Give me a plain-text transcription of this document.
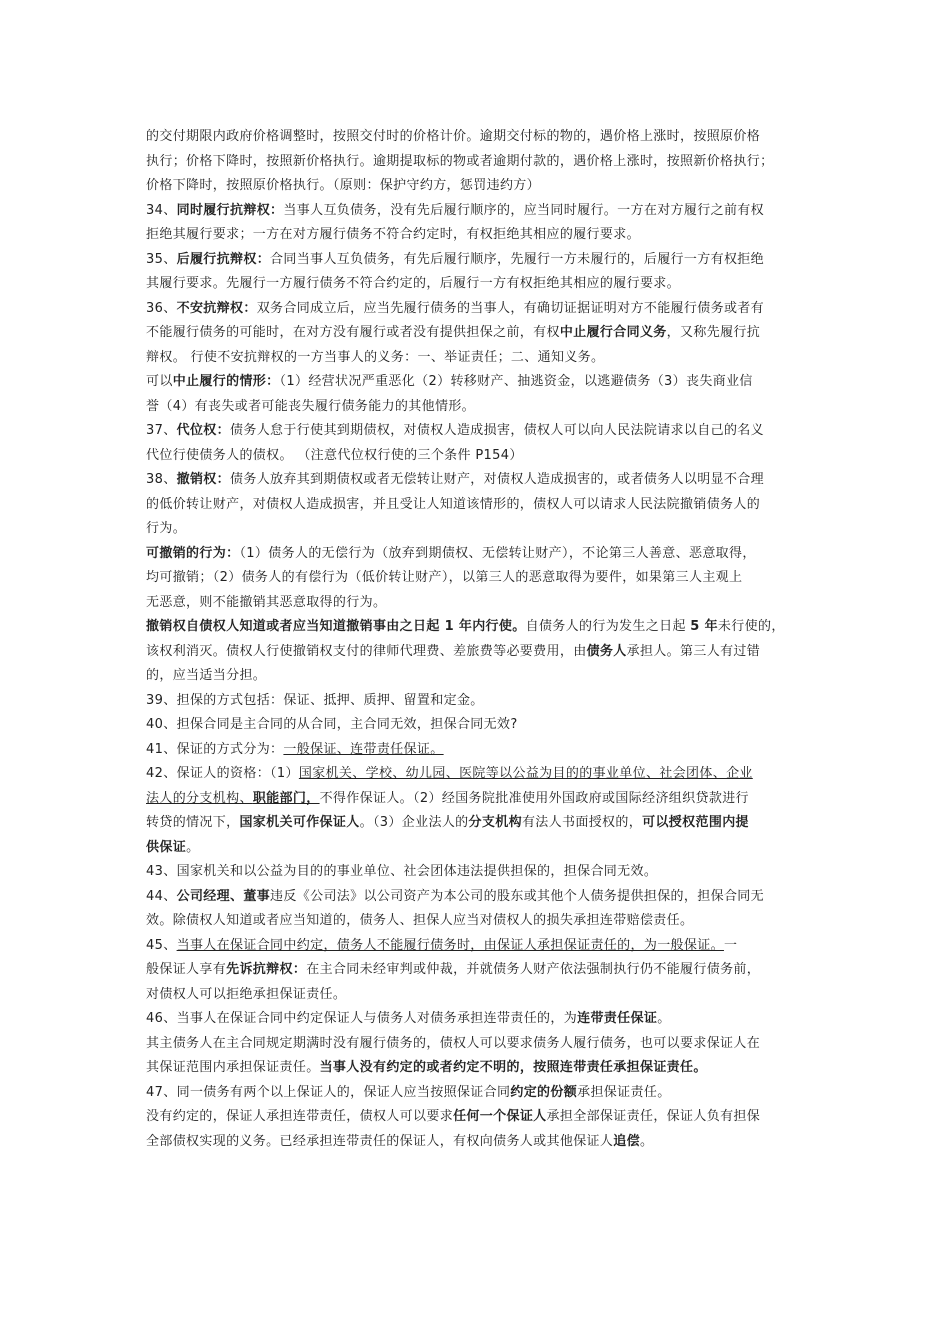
的交付期限内政府价格调整时，按照交付时的价格计价。逾期交付标的物的，遇价格上涨时，按照原价格
执行；价格下降时，按照新价格执行。逾期提取标的物或者逾期付款的，遇价格上涨时，按照新价格执行；
价格下降时，按照原价格执行。（原则：保护守约方，惩罚违约方）
34、同时履行抗辩权：当事人互负债务，没有先后履行顺序的，应当同时履行。一方在对方履行之前有权
拒绝其履行要求；一方在对方履行债务不符合约定时，有权拒绝其相应的履行要求。
35、后履行抗辩权：合同当事人互负债务，有先后履行顺序，先履行一方未履行的，后履行一方有权拒绝
其履行要求。先履行一方履行债务不符合约定的，后履行一方有权拒绝其相应的履行要求。
36、不安抗辩权：双务合同成立后，应当先履行债务的当事人，有确切证据证明对方不能履行债务或者有
不能履行债务的可能时，在对方没有履行或者没有提供担保之前，有权中止履行合同义务，又称先履行抗
辩权。 行使不安抗辩权的一方当事人的义务：一、举证责任；二、通知义务。
可以中止履行的情形：（1）经营状况严重恶化（2）转移财产、抽逃资金，以逃避债务（3）丧失商业信
誉（4）有丧失或者可能丧失履行债务能力的其他情形。
37、代位权：债务人怠于行使其到期债权，对债权人造成损害，债权人可以向人民法院请求以自己的名义
代位行使债务人的债权。 （注意代位权行使的三个条件 P154）
38、撤销权：债务人放弃其到期债权或者无偿转让财产，对债权人造成损害的，或者债务人以明显不合理
的低价转让财产，对债权人造成损害，并且受让人知道该情形的，债权人可以请求人民法院撤销债务人的
行为。
可撤销的行为：（1）债务人的无偿行为（放弃到期债权、无偿转让财产），不论第三人善意、恶意取得，
均可撤销；（2）债务人的有偿行为（低价转让财产），以第三人的恶意取得为要件，如果第三人主观上
无恶意，则不能撤销其恶意取得的行为。
撤销权自债权人知道或者应当知道撤销事由之日起 1 年内行使。自债务人的行为发生之日起 5 年未行使的，
该权利消灭。债权人行使撤销权支付的律师代理费、差旅费等必要费用，由债务人承担人。第三人有过错
的，应当适当分担。
39、担保的方式包括：保证、抵押、质押、留置和定金。
40、担保合同是主合同的从合同，主合同无效，担保合同无效?
41、保证的方式分为：一般保证、连带责任保证。
42、保证人的资格：（1）国家机关、学校、幼儿园、医院等以公益为目的的事业单位、社会团体、企业
法人的分支机构、职能部门，不得作保证人。（2）经国务院批准使用外国政府或国际经济组织贷款进行
转贷的情况下，国家机关可作保证人。（3）企业法人的分支机构有法人书面授权的，可以授权范围内提
供保证。
43、国家机关和以公益为目的的事业单位、社会团体违法提供担保的，担保合同无效。
44、公司经理、董事违反《公司法》以公司资产为本公司的股东或其他个人债务提供担保的，担保合同无
效。除债权人知道或者应当知道的，债务人、担保人应当对债权人的损失承担连带赔偿责任。
45、当事人在保证合同中约定，债务人不能履行债务时，由保证人承担保证责任的，为一般保证。一
般保证人享有先诉抗辩权：在主合同未经审判或仲裁，并就债务人财产依法强制执行仍不能履行债务前，
对债权人可以拒绝承担保证责任。
46、当事人在保证合同中约定保证人与债务人对债务承担连带责任的，为连带责任保证。
其主债务人在主合同规定期满时没有履行债务的，债权人可以要求债务人履行债务，也可以要求保证人在
其保证范围内承担保证责任。当事人没有约定的或者约定不明的，按照连带责任承担保证责任。
47、同一债务有两个以上保证人的，保证人应当按照保证合同约定的份额承担保证责任。
没有约定的，保证人承担连带责任，债权人可以要求任何一个保证人承担全部保证责任，保证人负有担保
全部债权实现的义务。已经承担连带责任的保证人，有权向债务人或其他保证人追偿。
